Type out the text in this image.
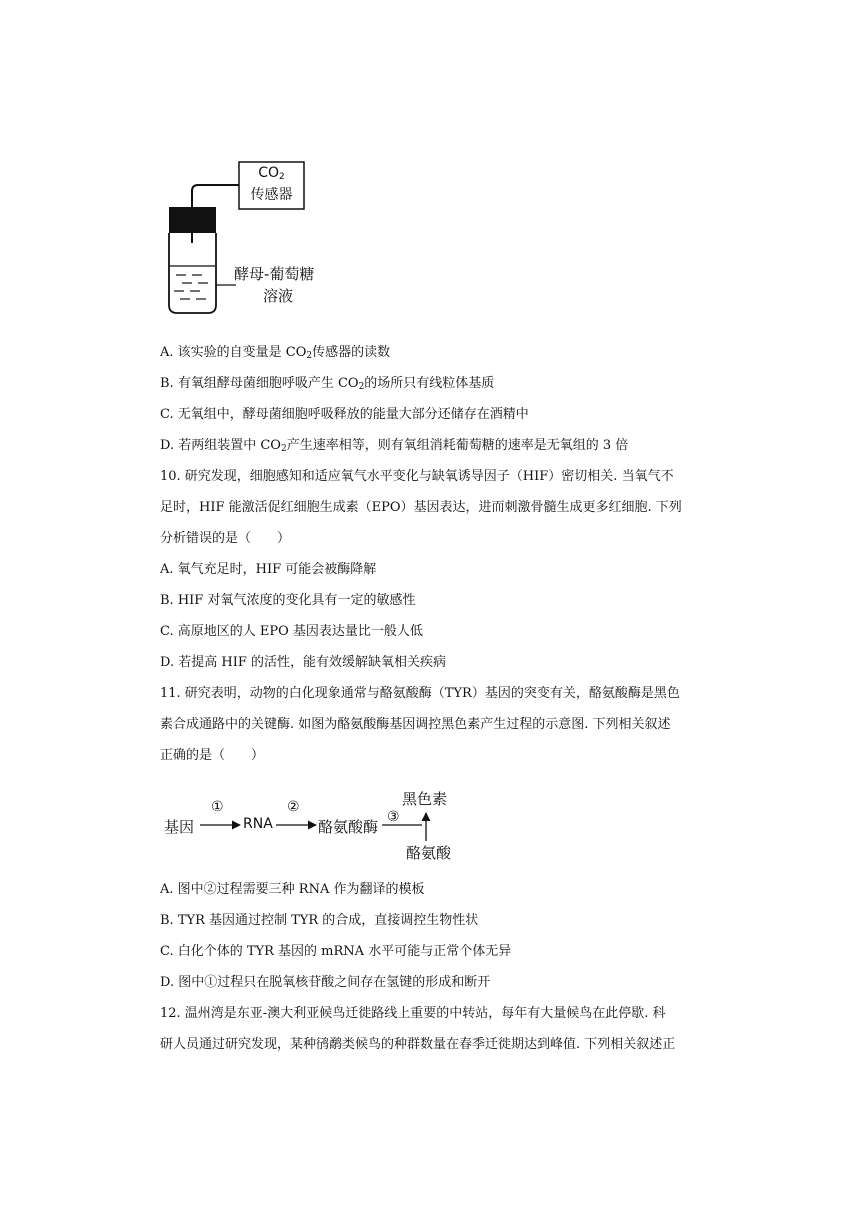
$CO_2$
传感器
酵母-葡萄糖
溶液
A. 该实验的自变量是 $CO_2$传感器的读数
B. 有氧组酵母菌细胞呼吸产生 $CO_2$的场所只有线粒体基质
C. 无氧组中，酵母菌细胞呼吸释放的能量大部分还储存在酒精中
D. 若两组装置中 $CO_2$产生速率相等，则有氧组消耗葡萄糖的速率是无氧组的 3 倍
10. 研究发现，细胞感知和适应氧气水平变化与缺氧诱导因子（HIF）密切相关. 当氧气不
足时，HIF 能激活促红细胞生成素（EPO）基因表达，进而刺激骨髓生成更多红细胞. 下列
分析错误的是（　　）
A. 氧气充足时，HIF 可能会被酶降解
B. HIF 对氧气浓度的变化具有一定的敏感性
C. 高原地区的人 EPO 基因表达量比一般人低
D. 若提高 HIF 的活性，能有效缓解缺氧相关疾病
11. 研究表明，动物的白化现象通常与酪氨酸酶（TYR）基因的突变有关，酪氨酸酶是黑色
素合成通路中的关键酶. 如图为酪氨酸酶基因调控黑色素产生过程的示意图. 下列相关叙述
正确的是（　　）
基因
①
RNA
②
酪氨酸酶
③
黑色素
酪氨酸
A. 图中②过程需要三种 RNA 作为翻译的模板
B. TYR 基因通过控制 TYR 的合成，直接调控生物性状
C. 白化个体的 TYR 基因的 mRNA 水平可能与正常个体无异
D. 图中①过程只在脱氧核苷酸之间存在氢键的形成和断开
12. 温州湾是东亚-澳大利亚候鸟迁徙路线上重要的中转站，每年有大量候鸟在此停歇. 科
研人员通过研究发现，某种鸻鹬类候鸟的种群数量在春季迁徙期达到峰值. 下列相关叙述正
